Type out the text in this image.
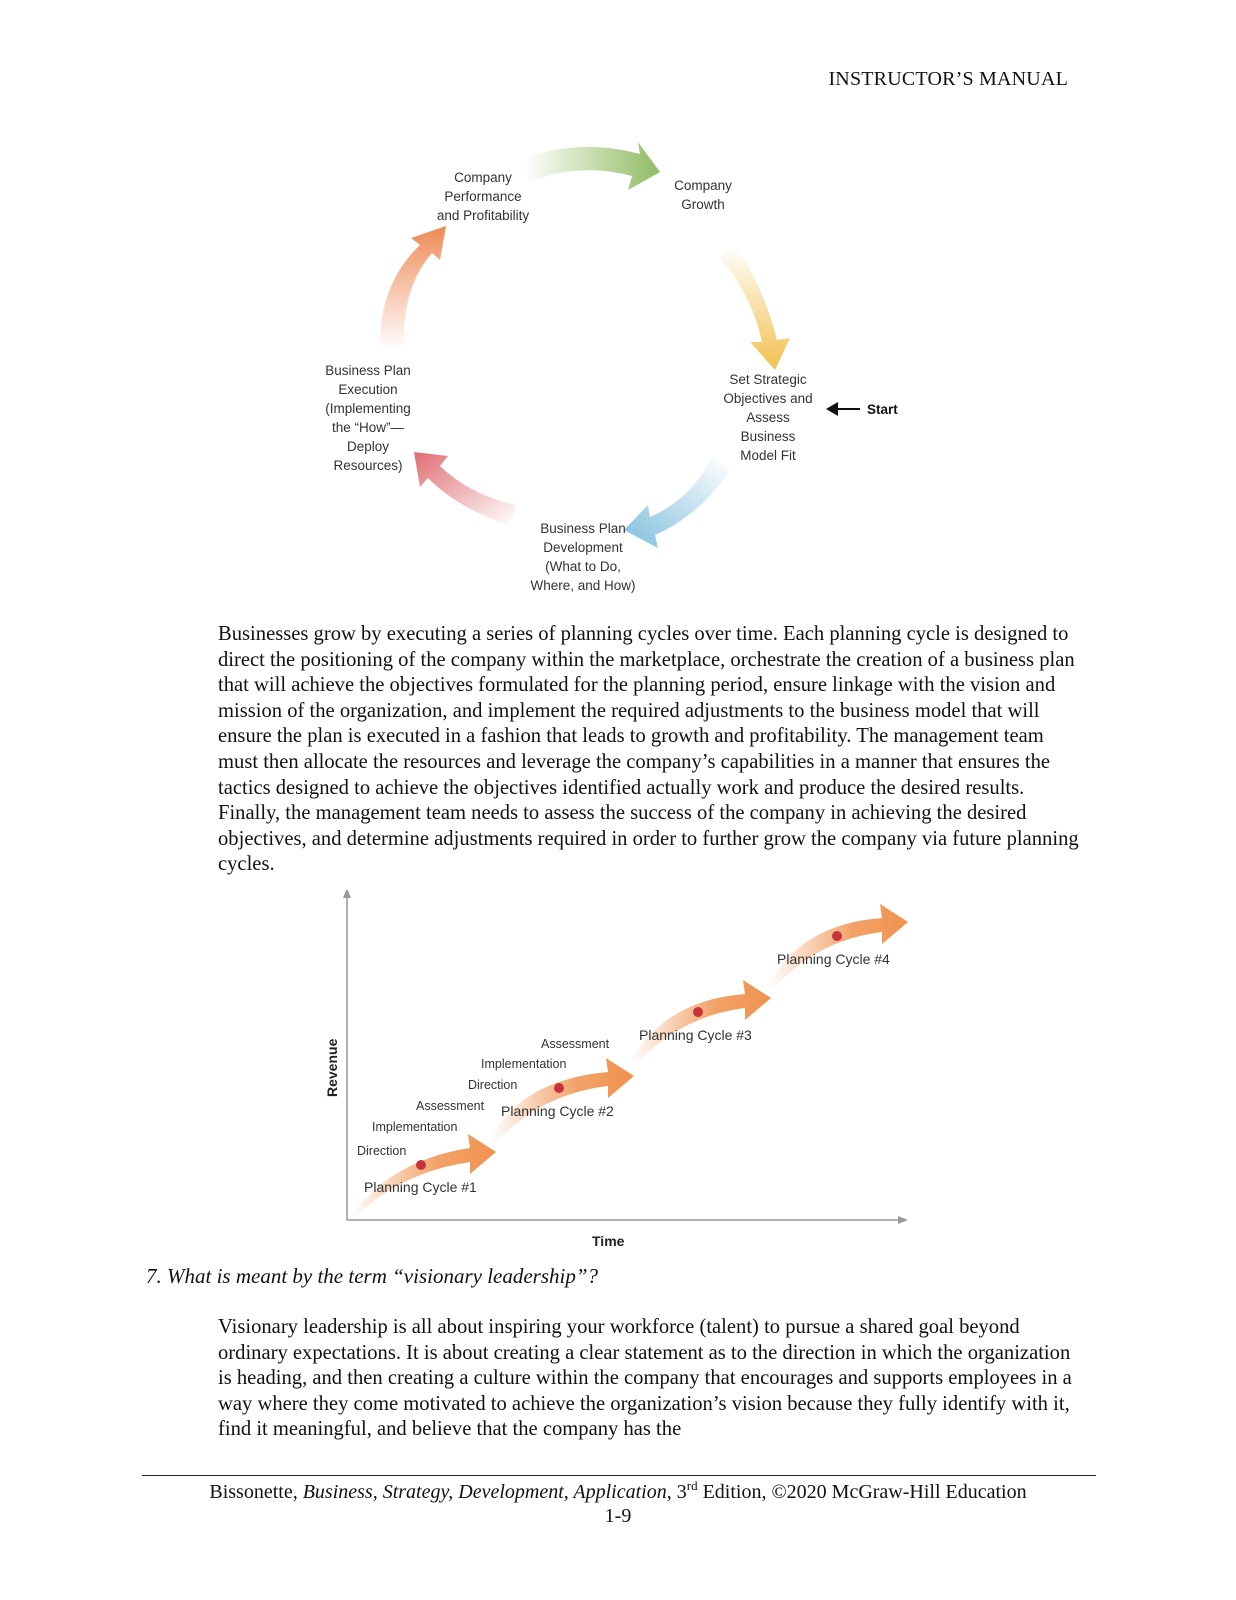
INSTRUCTOR’S MANUAL
Start
Company
Growth
Set Strategic
Objectives and
Assess
Business
Model Fit
Business Plan
Development
(What to Do,
Where, and How)
Business Plan
Execution
(Implementing
the “How”—
Deploy
Resources)
Company
Performance
and Profitability

Businesses grow by executing a series of planning cycles over time. Each planning cycle is designed to direct the positioning of the company within the marketplace, orchestrate the creation of a business plan that will achieve the objectives formulated for the planning period, ensure linkage with the vision and mission of the organization, and implement the required adjustments to the business model that will ensure the plan is executed in a fashion that leads to growth and profitability. The management team must then allocate the resources and leverage the company’s capabilities in a manner that ensures the tactics designed to achieve the objectives identified actually work and produce the desired results. Finally, the management team needs to assess the success of the company in achieving the desired objectives, and determine adjustments required in order to further grow the company via future planning cycles.

Planning Cycle #1
Planning Cycle #2
Planning Cycle #3
Planning Cycle #4
Direction
Implementation
Assessment
Direction
Implementation
Assessment
Time
Revenue
7. What is meant by the term “visionary leadership”?

Visionary leadership is all about inspiring your workforce (talent) to pursue a shared goal beyond ordinary expectations. It is about creating a clear statement as to the direction in which the organization is heading, and then creating a culture within the company that encourages and supports employees in a way where they come motivated to achieve the organization’s vision because they fully identify with it, find it meaningful, and believe that the company has the

Bissonette, Business, Strategy, Development, Application, 3rd Edition, ©2020 McGraw-Hill Education
1-9
